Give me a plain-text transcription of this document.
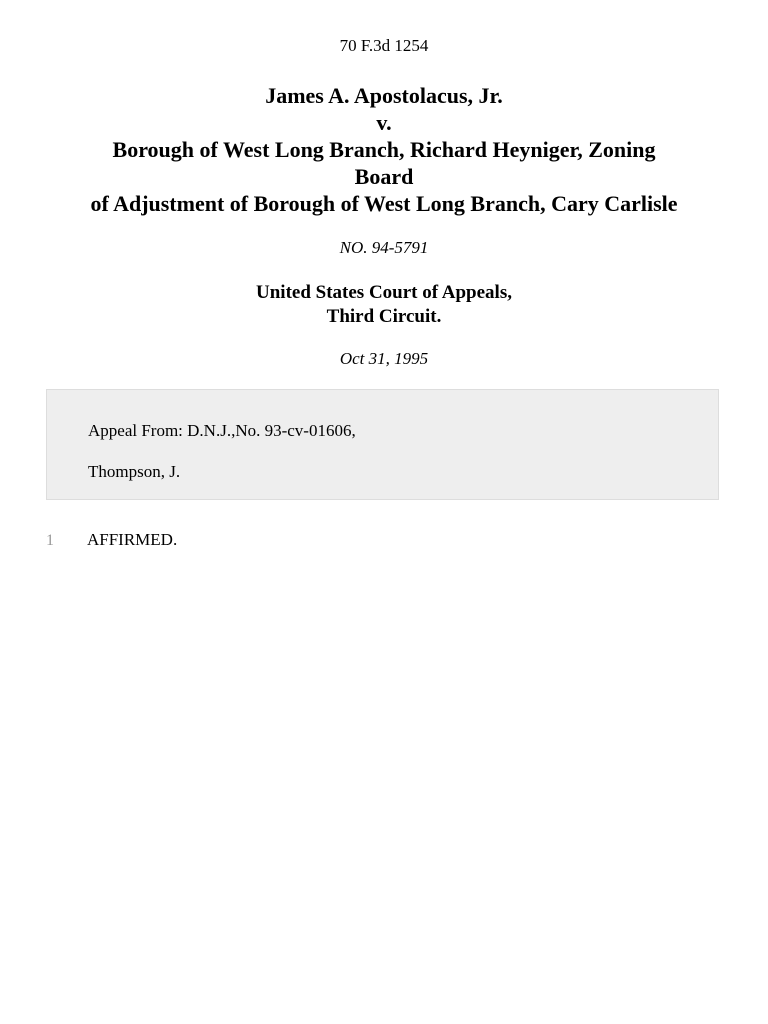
70 F.3d 1254
James A. Apostolacus, Jr.
v.
Borough of West Long Branch, Richard Heyniger, Zoning
Board
of Adjustment of Borough of West Long Branch, Cary Carlisle
NO. 94-5791
United States Court of Appeals,
Third Circuit.
Oct 31, 1995
Appeal From: D.N.J.,No. 93-cv-01606,
Thompson, J.
1 AFFIRMED.
